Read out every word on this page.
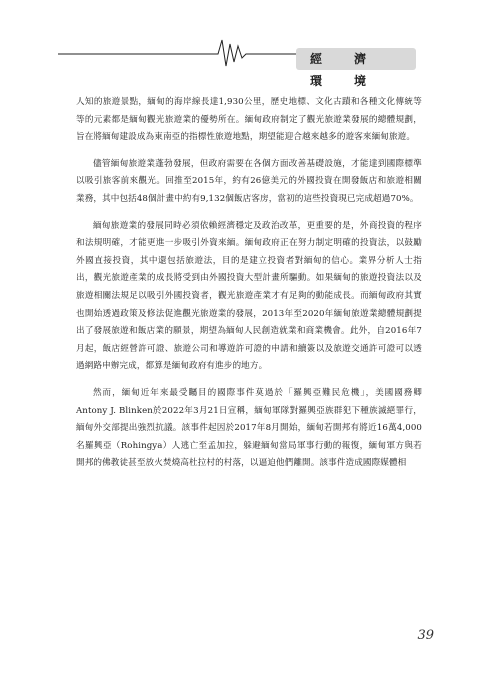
經　濟　環　境

人知的旅遊景點，緬甸的海岸線長達1,930公里，歷史地標、文化古蹟和各種文化傳統等等的元素都是緬甸觀光旅遊業的優勢所在。緬甸政府制定了觀光旅遊業發展的總體規劃，旨在將緬甸建設成為東南亞的指標性旅遊地點，期望能迎合越來越多的遊客來緬甸旅遊。

儘管緬甸旅遊業蓬勃發展，但政府需要在各個方面改善基礎設施，才能達到國際標準以吸引旅客前來觀光。回推至2015年，約有26億美元的外國投資在開發飯店和旅遊相關業務，其中包括48個計畫中約有9,132個飯店客房，當初的這些投資現已完成超過70%。

緬甸旅遊業的發展同時必須依賴經濟穩定及政治改革，更重要的是，外商投資的程序和法規明確，才能更進一步吸引外資來緬。緬甸政府正在努力制定明確的投資法，以鼓勵外國直接投資，其中還包括旅遊法，目的是建立投資者對緬甸的信心。業界分析人士指出，觀光旅遊產業的成長將受到由外國投資大型計畫所驅動。如果緬甸的旅遊投資法以及旅遊相關法規足以吸引外國投資者，觀光旅遊產業才有足夠的動能成長。而緬甸政府其實也開始透過政策及修法促進觀光旅遊業的發展，2013年至2020年緬甸旅遊業總體規劃提出了發展旅遊和飯店業的願景，期望為緬甸人民創造就業和商業機會。此外，自2016年7月起，飯店經營許可證、旅遊公司和導遊許可證的申請和續簽以及旅遊交通許可證可以透過網路申辦完成，都算是緬甸政府有進步的地方。

然而，緬甸近年來最受矚目的國際事件莫過於「羅興亞難民危機」，美國國務卿Antony J. Blinken於2022年3月21日宣稱，緬甸軍隊對羅興亞族群犯下種族滅絕罪行，緬甸外交部提出強烈抗議。該事件起因於2017年8月開始，緬甸若開邦有將近16萬4,000名羅興亞（Rohingya）人逃亡至孟加拉，躲避緬甸當局軍事行動的報復，緬甸軍方與若開邦的佛教徒甚至放火焚燒高杜拉村的村落，以逼迫他們離開。該事件造成國際媒體相

39
